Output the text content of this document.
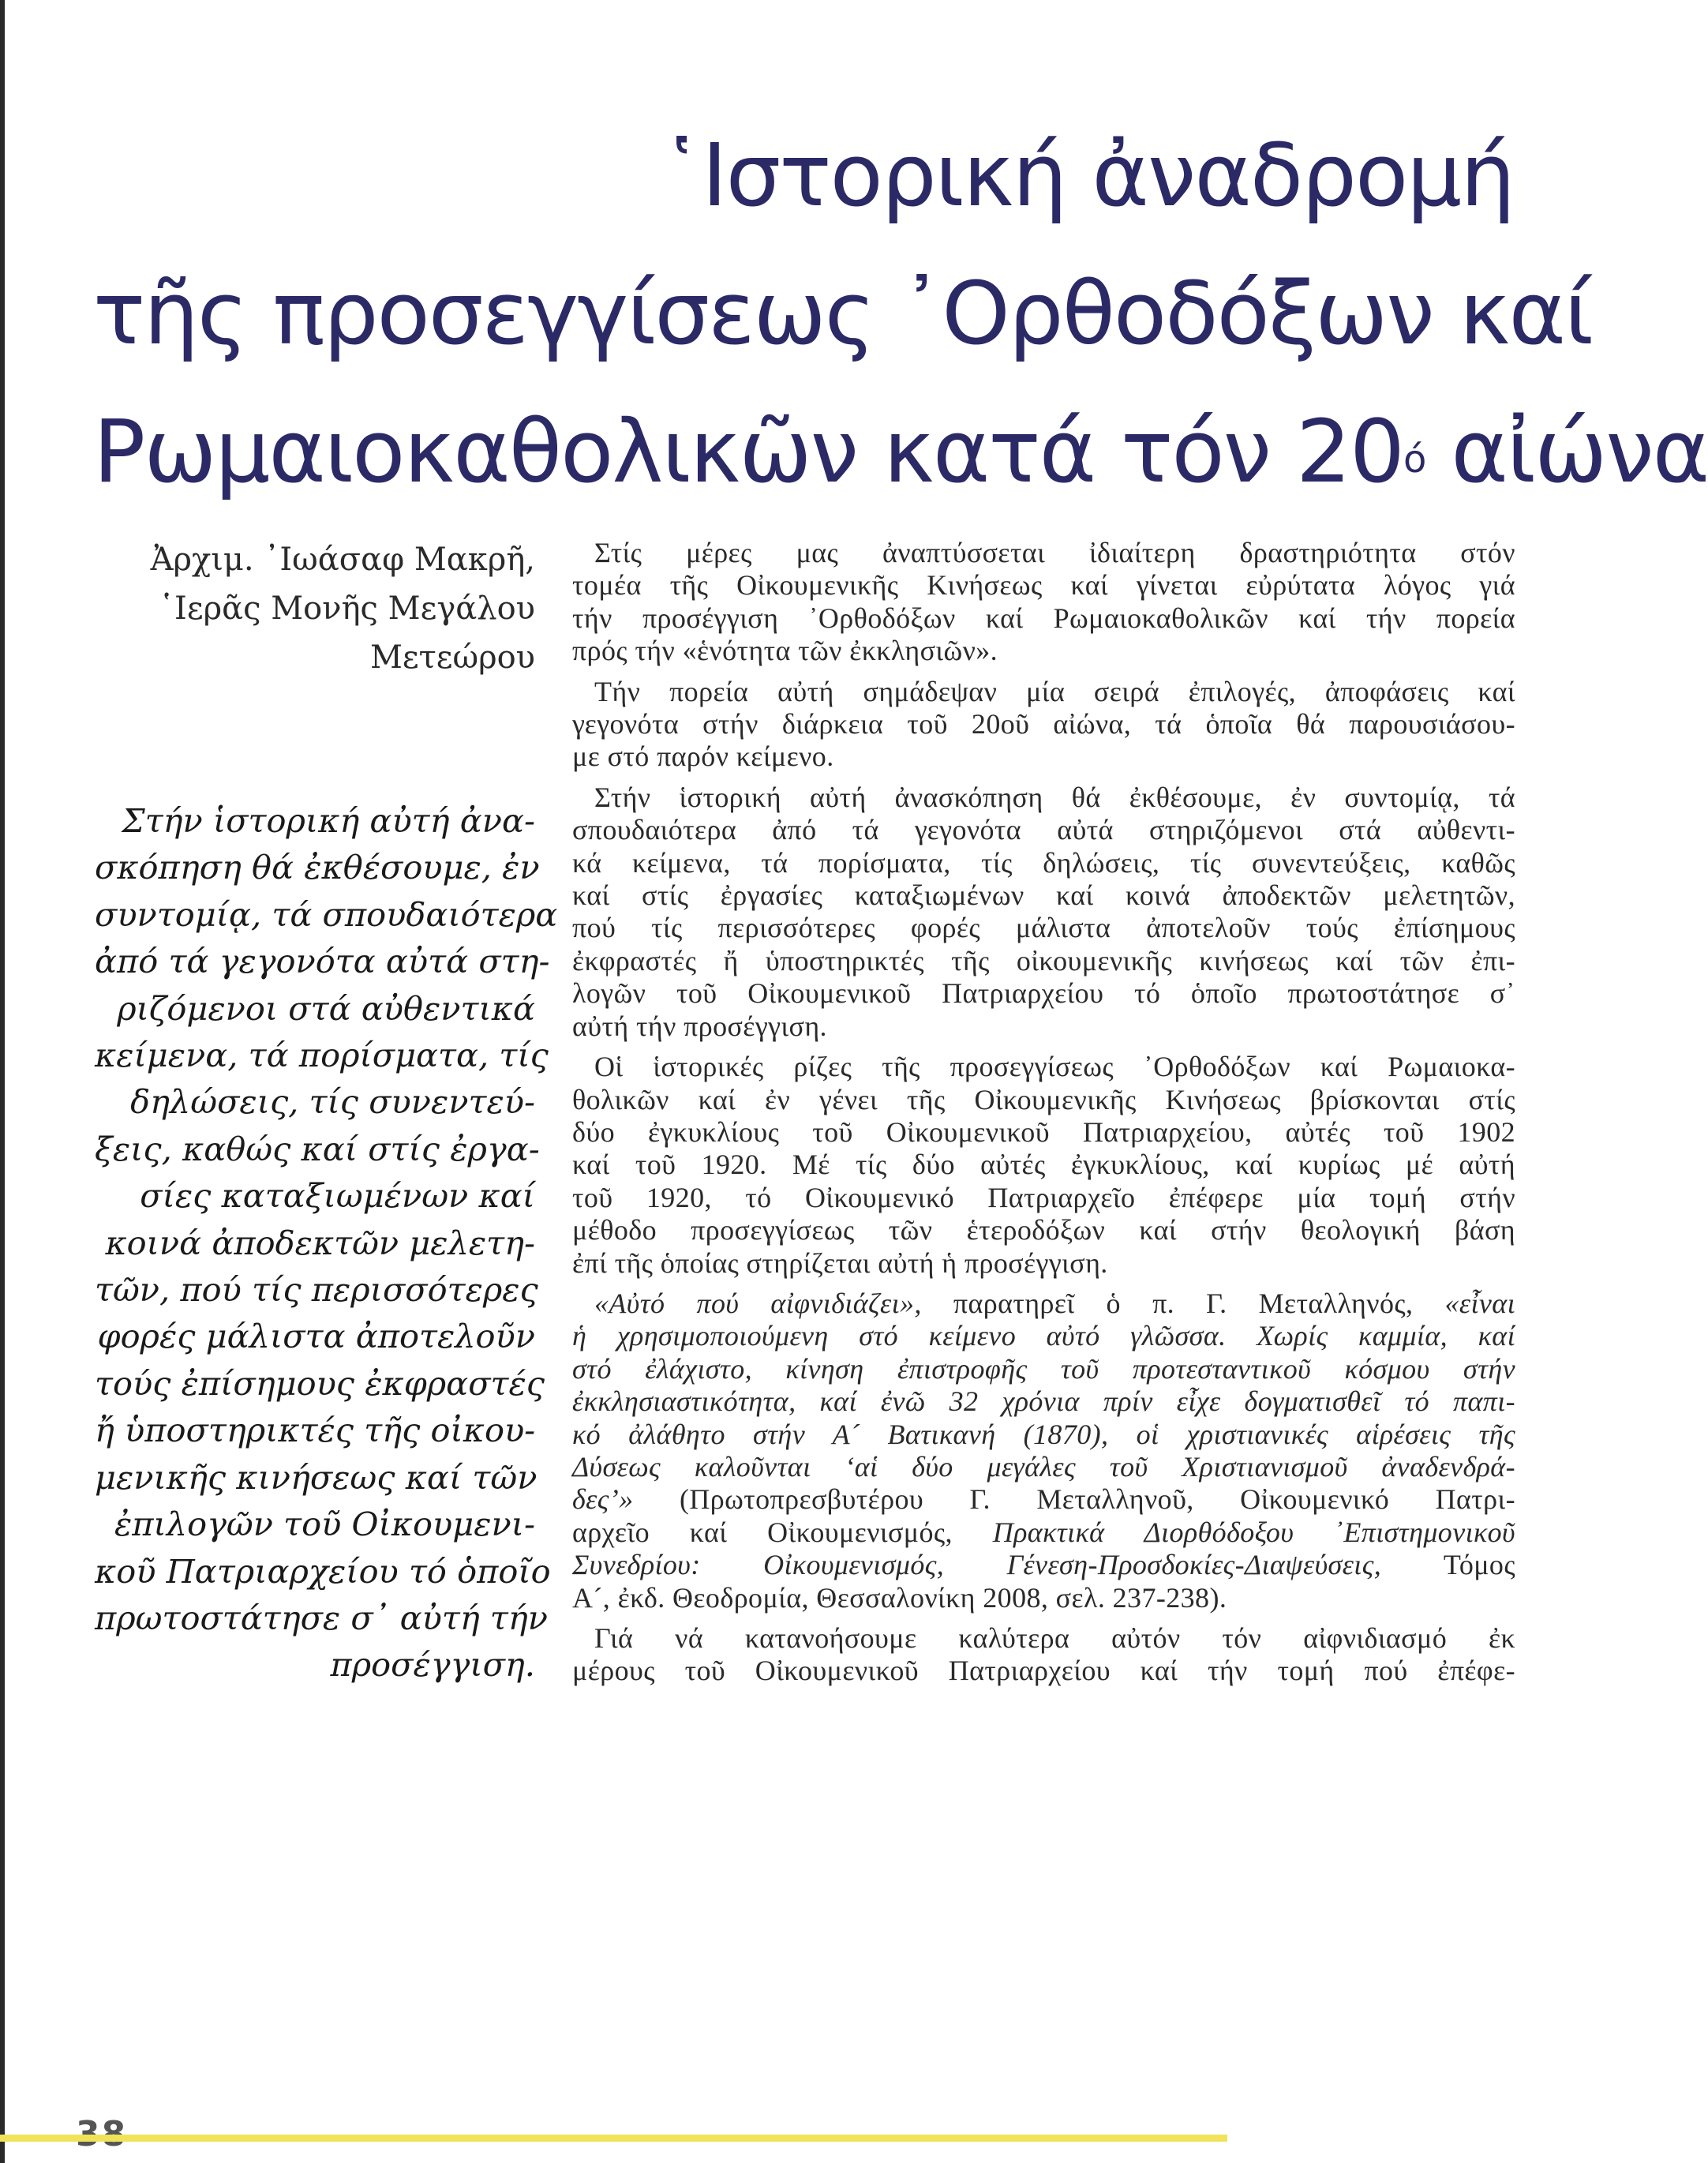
῾Ιστορική ἀναδρομή
τῆς προσεγγίσεως ᾿Ορθοδόξων καί
Ρωμαιοκαθολικῶν κατά τόν $20^ό$ αἰώνα
Ἀρχιμ. ᾿Ιωάσαφ Μακρῆ,
῾Ιερᾶς Μονῆς Μεγάλου
Μετεώρου
Στήν ἱστορική αὐτή ἀνα-
σκόπηση θά ἐκθέσουμε, ἐν
συντομίᾳ, τά σπουδαιότερα
ἀπό τά γεγονότα αὐτά στη-
ριζόμενοι στά αὐθεντικά
κείμενα, τά πορίσματα, τίς
δηλώσεις, τίς συνεντεύ-
ξεις, καθώς καί στίς ἐργα-
σίες καταξιωμένων καί
κοινά ἀποδεκτῶν μελετη-
τῶν, πού τίς περισσότερες
φορές μάλιστα ἀποτελοῦν
τούς ἐπίσημους ἐκφραστές
ἤ ὑποστηρικτές τῆς οἰκου-
μενικῆς κινήσεως καί τῶν
ἐπιλογῶν τοῦ Οἰκουμενι-
κοῦ Πατριαρχείου τό ὁποῖο
πρωτοστάτησε σ᾿ αὐτή τήν
προσέγγιση.
Στίς μέρες μας ἀναπτύσσεται ἰδιαίτερη δραστηριότητα στόν
τομέα τῆς Οἰκουμενικῆς Κινήσεως καί γίνεται εὐρύτατα λόγος γιά
τήν προσέγγιση ᾿Ορθοδόξων καί Ρωμαιοκαθολικῶν καί τήν πορεία
πρός τήν «ἑνότητα τῶν ἐκκλησιῶν».
Τήν πορεία αὐτή σημάδεψαν μία σειρά ἐπιλογές, ἀποφάσεις καί
γεγονότα στήν διάρκεια τοῦ 20οῦ αἰώνα, τά ὁποῖα θά παρουσιάσου-
με στό παρόν κείμενο.
Στήν ἱστορική αὐτή ἀνασκόπηση θά ἐκθέσουμε, ἐν συντομίᾳ, τά
σπουδαιότερα ἀπό τά γεγονότα αὐτά στηριζόμενοι στά αὐθεντι-
κά κείμενα, τά πορίσματα, τίς δηλώσεις, τίς συνεντεύξεις, καθῶς
καί στίς ἐργασίες καταξιωμένων καί κοινά ἀποδεκτῶν μελετητῶν,
πού τίς περισσότερες φορές μάλιστα ἀποτελοῦν τούς ἐπίσημους
ἐκφραστές ἤ ὑποστηρικτές τῆς οἰκουμενικῆς κινήσεως καί τῶν ἐπι-
λογῶν τοῦ Οἰκουμενικοῦ Πατριαρχείου τό ὁποῖο πρωτοστάτησε σ᾿
αὐτή τήν προσέγγιση.
Οἱ ἱστορικές ρίζες τῆς προσεγγίσεως ᾿Ορθοδόξων καί Ρωμαιοκα-
θολικῶν καί ἐν γένει τῆς Οἰκουμενικῆς Κινήσεως βρίσκονται στίς
δύο ἐγκυκλίους τοῦ Οἰκουμενικοῦ Πατριαρχείου, αὐτές τοῦ 1902
καί τοῦ 1920. Μέ τίς δύο αὐτές ἐγκυκλίους, καί κυρίως μέ αὐτή
τοῦ 1920, τό Οἰκουμενικό Πατριαρχεῖο ἐπέφερε μία τομή στήν
μέθοδο προσεγγίσεως τῶν ἑτεροδόξων καί στήν θεολογική βάση
ἐπί τῆς ὁποίας στηρίζεται αὐτή ἡ προσέγγιση.
«Αὐτό πού αἰφνιδιάζει», παρατηρεῖ ὁ π. Γ. Μεταλληνός, «εἶναι
ἡ χρησιμοποιούμενη στό κείμενο αὐτό γλῶσσα. Χωρίς καμμία, καί
στό ἐλάχιστο, κίνηση ἐπιστροφῆς τοῦ προτεσταντικοῦ κόσμου στήν
ἐκκλησιαστικότητα, καί ἐνῶ 32 χρόνια πρίν εἶχε δογματισθεῖ τό παπι-
κό ἀλάθητο στήν Α´ Βατικανή (1870), οἱ χριστιανικές αἱρέσεις τῆς
Δύσεως καλοῦνται ‘αἱ δύο μεγάλες τοῦ Χριστιανισμοῦ ἀναδενδρά-
δες’» (Πρωτοπρεσβυτέρου Γ. Μεταλληνοῦ, Οἰκουμενικό Πατρι-
αρχεῖο καί Οἰκουμενισμός, Πρακτικά Διορθόδοξου ᾿Επιστημονικοῦ
Συνεδρίου: Οἰκουμενισμός, Γένεση-Προσδοκίες-Διαψεύσεις, Τόμος
Α´, ἐκδ. Θεοδρομία, Θεσσαλονίκη 2008, σελ. 237-238).
Γιά νά κατανοήσουμε καλύτερα αὐτόν τόν αἰφνιδιασμό ἐκ
μέρους τοῦ Οἰκουμενικοῦ Πατριαρχείου καί τήν τομή πού ἐπέφε-
